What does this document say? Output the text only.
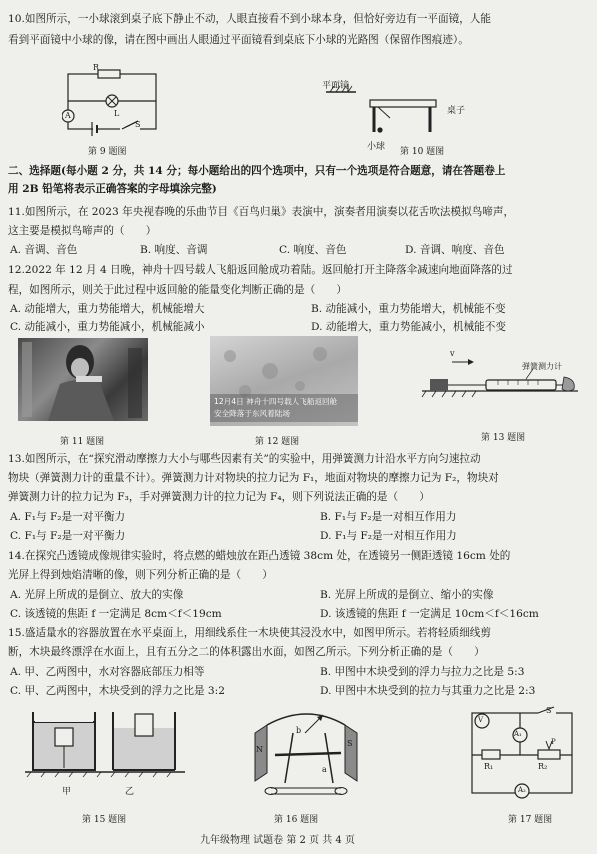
10.如图所示，一小球滚到桌子底下静止不动，人眼直接看不到小球本身，但恰好旁边有一平面镜，人能
看到平面镜中小球的像，请在图中画出人眼通过平面镜看到桌底下小球的光路图（保留作图痕迹）。
R
L
A
S
第 9 题图
平面镜
桌子
小球 第 10 题图
二、选择题(每小题 2 分，共 14 分；每小题给出的四个选项中，只有一个选项是符合题意，请在答题卷上
用 2B 铅笔将表示正确答案的字母填涂完整)
11.如图所示，在 2023 年央视春晚的乐曲节目《百鸟归巢》表演中，演奏者用演奏以花舌吹法模拟鸟啼声，
这主要是模拟鸟啼声的（　　）
A. 音调、音色	B. 响度、音调	C. 响度、音色	D. 音调、响度、音色
12.2022 年 12 月 4 日晚，神舟十四号载人飞船返回舱成功着陆。返回舱打开主降落伞减速向地面降落的过
程，如图所示，则关于此过程中返回舱的能量变化判断正确的是（　　）
A. 动能增大，重力势能增大，机械能增大	B. 动能减小，重力势能增大，机械能不变
C. 动能减小，重力势能减小，机械能减小	D. 动能增大，重力势能减小，机械能不变
第 11 题图
12月4日 神舟十四号载人飞船返回舱
安全降落于东风着陆场
第 12 题图
v
弹簧测力计
第 13 题图
13.如图所示，在“探究滑动摩擦力大小与哪些因素有关”的实验中，用弹簧测力计沿水平方向匀速拉动
物块（弹簧测力计的重量不计）。弹簧测力计对物块的拉力记为 F₁，地面对物块的摩擦力记为 F₂，物块对
弹簧测力计的拉力记为 F₃，手对弹簧测力计的拉力记为 F₄，则下列说法正确的是（　　）
A. F₁与 F₂是一对平衡力	B. F₁与 F₂是一对相互作用力
C. F₁与 F₂是一对平衡力	D. F₁与 F₂是一对相互作用力
14.在探究凸透镜成像规律实验时，将点燃的蜡烛放在距凸透镜 38cm 处，在透镜另一侧距透镜 16cm 处的
光屏上得到烛焰清晰的像，则下列分析正确的是（　　）
A. 光屏上所成的是倒立、放大的实像	B. 光屏上所成的是倒立、缩小的实像
C. 该透镜的焦距 f 一定满足 8cm＜f＜19cm	D. 该透镜的焦距 f 一定满足 10cm＜f＜16cm
15.盛适量水的容器放置在水平桌面上，用细线系住一木块使其浸没水中，如图甲所示。若将轻质细线剪
断，木块最终漂浮在水面上，且有五分之二的体积露出水面，如图乙所示。下列分析正确的是（　　）
A. 甲、乙两图中，水对容器底部压力相等	B. 甲图中木块受到的浮力与拉力之比是 5:3
C. 甲、乙两图中，木块受到的浮力之比是 3:2	D. 甲图中木块受到的拉力与其重力之比是 2:3
甲	乙
第 15 题图
N
S
b
a
第 16 题图
V
A₁
A₂
R₁	R₂
S
P
第 17 题图
九年级物理 试题卷 第 2 页 共 4 页
